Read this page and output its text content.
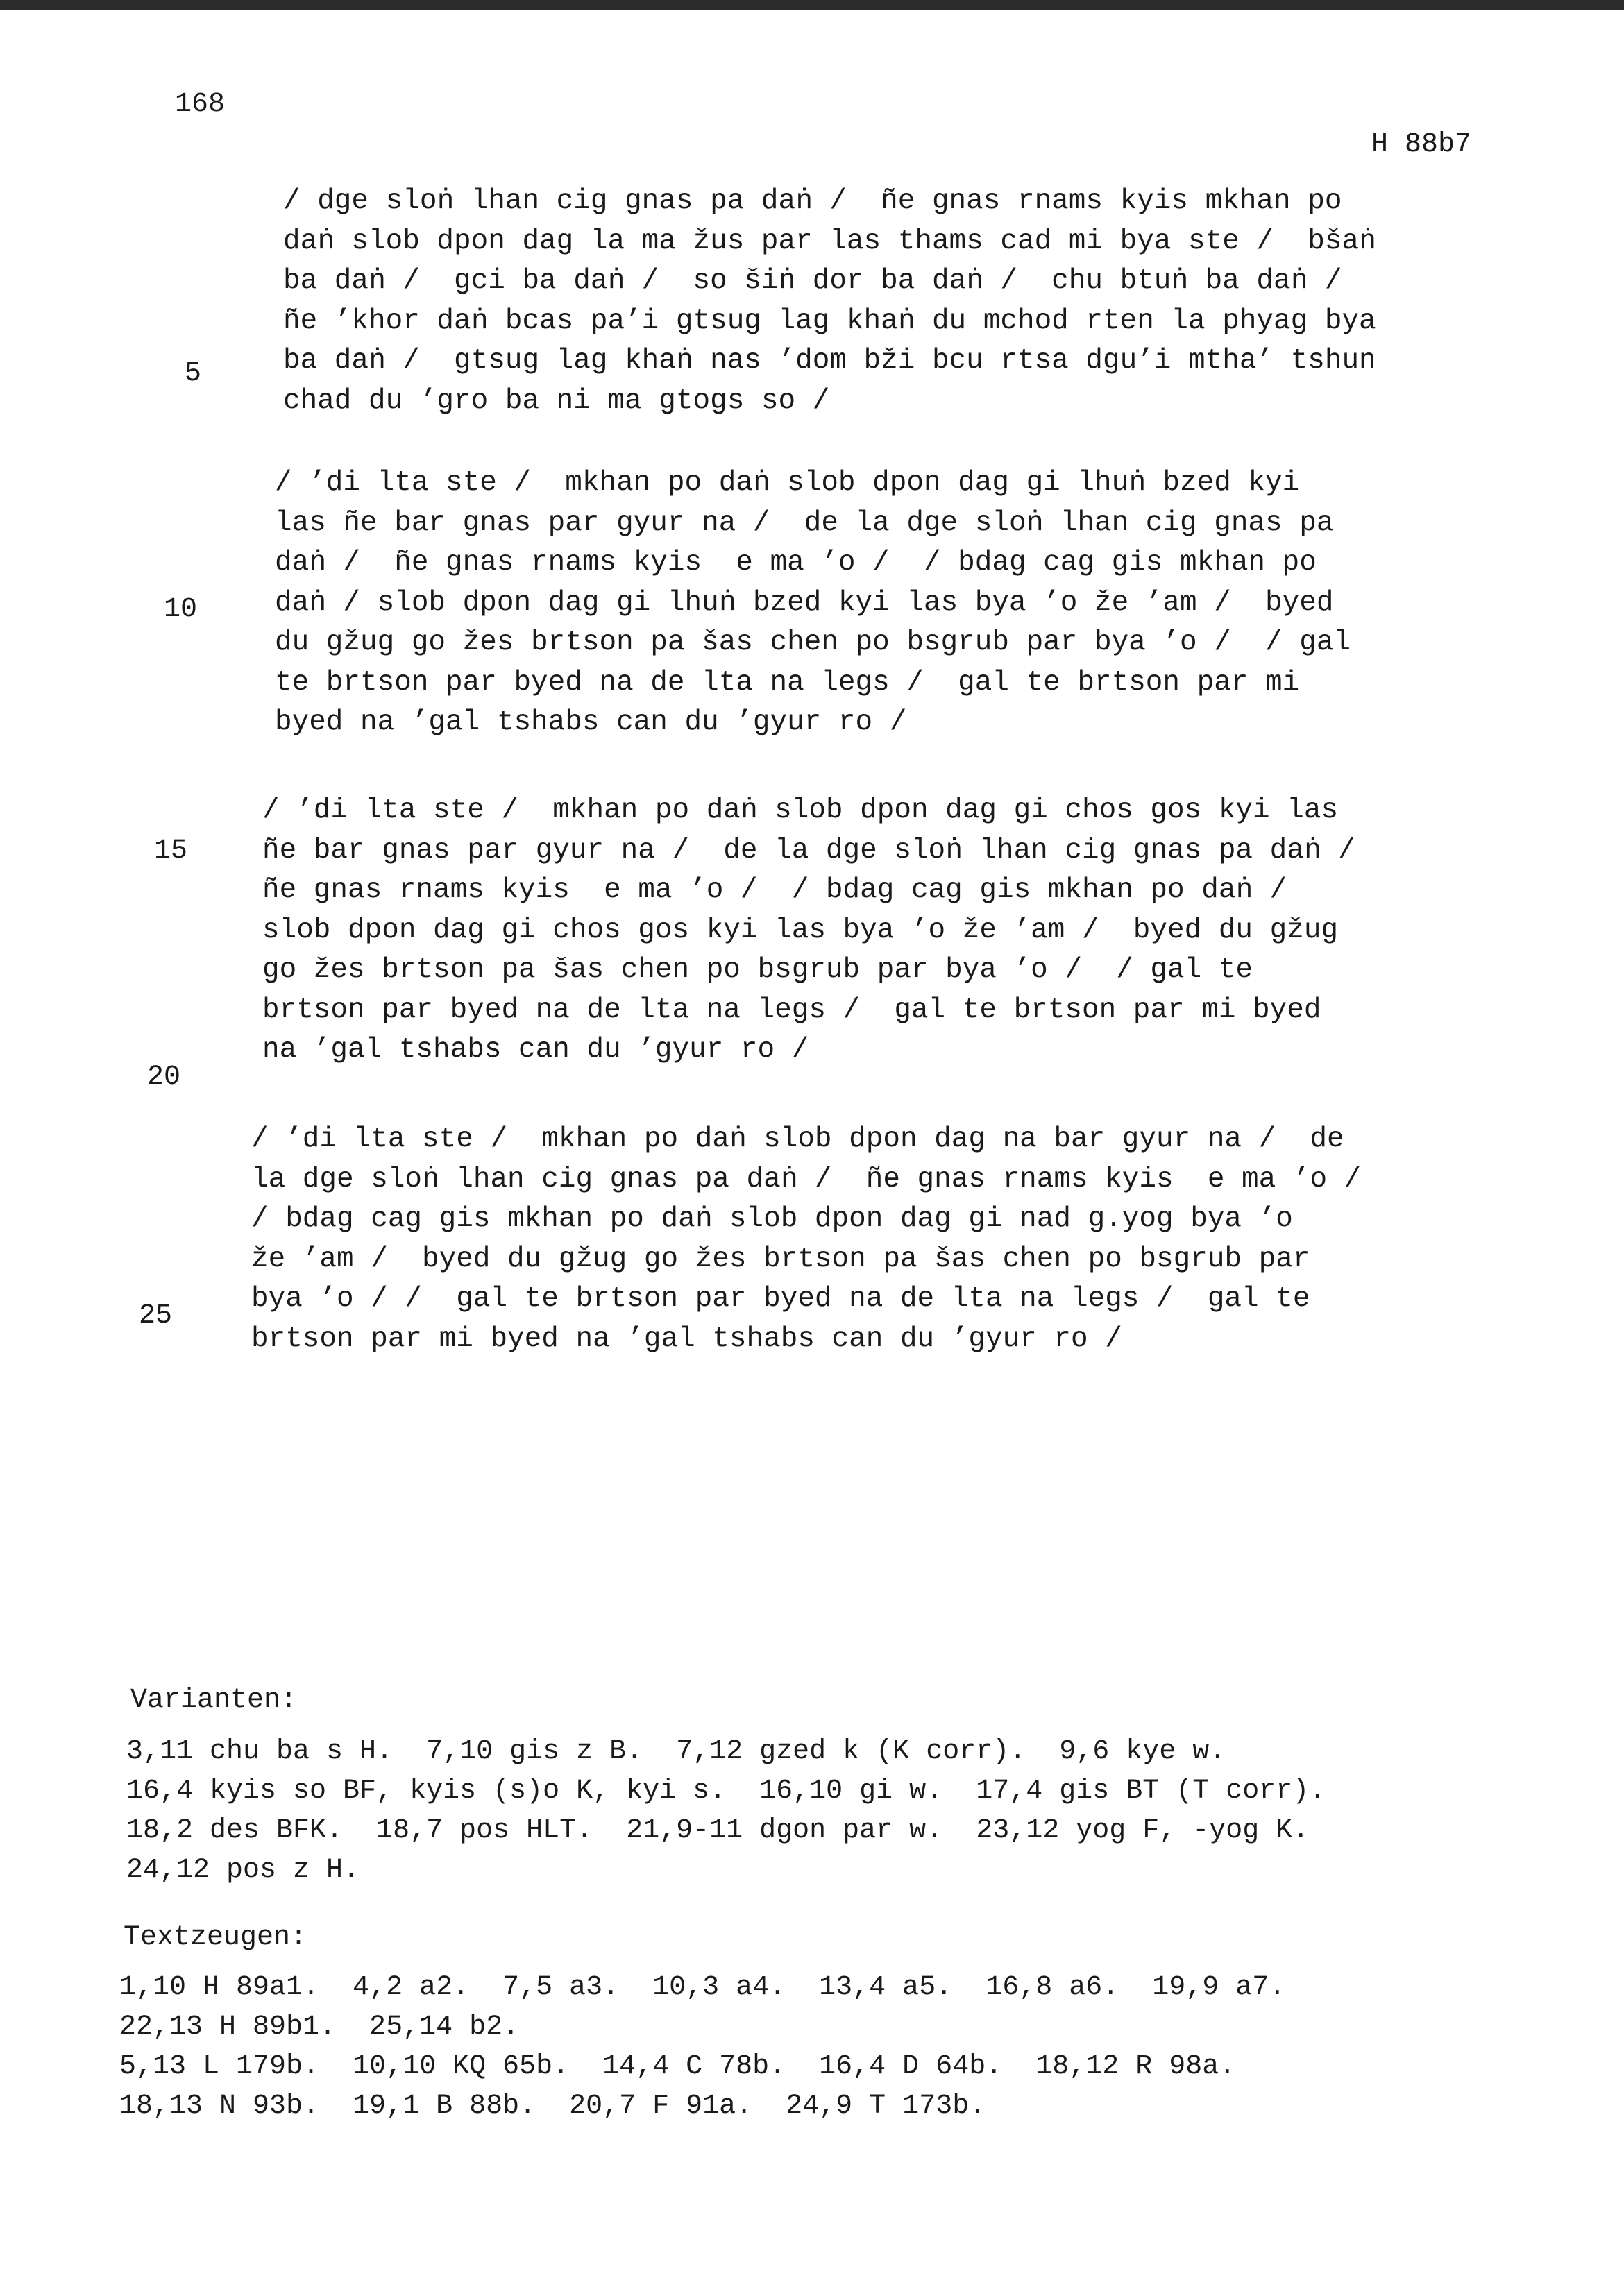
168
H 88b7
5
10
15
20
25
/ dge sloṅ lhan cig gnas pa daṅ /  ñe gnas rnams kyis mkhan po
daṅ slob dpon dag la ma žus par las thams cad mi bya ste /  bšaṅ
ba daṅ /  gci ba daṅ /  so šiṅ dor ba daṅ /  chu btuṅ ba daṅ /
ñe ’khor daṅ bcas pa’i gtsug lag khaṅ du mchod rten la phyag bya
ba daṅ /  gtsug lag khaṅ nas ’dom bži bcu rtsa dgu’i mtha’ tshun
chad du ’gro ba ni ma gtogs so /
/ ’di lta ste /  mkhan po daṅ slob dpon dag gi lhuṅ bzed kyi
las ñe bar gnas par gyur na /  de la dge sloṅ lhan cig gnas pa
daṅ /  ñe gnas rnams kyis  e ma ’o /  / bdag cag gis mkhan po
daṅ / slob dpon dag gi lhuṅ bzed kyi las bya ’o že ’am /  byed
du gžug go žes brtson pa šas chen po bsgrub par bya ’o /  / gal
te brtson par byed na de lta na legs /  gal te brtson par mi
byed na ’gal tshabs can du ’gyur ro /
/ ’di lta ste /  mkhan po daṅ slob dpon dag gi chos gos kyi las
ñe bar gnas par gyur na /  de la dge sloṅ lhan cig gnas pa daṅ /
ñe gnas rnams kyis  e ma ’o /  / bdag cag gis mkhan po daṅ /
slob dpon dag gi chos gos kyi las bya ’o že ’am /  byed du gžug
go žes brtson pa šas chen po bsgrub par bya ’o /  / gal te
brtson par byed na de lta na legs /  gal te brtson par mi byed
na ’gal tshabs can du ’gyur ro /
/ ’di lta ste /  mkhan po daṅ slob dpon dag na bar gyur na /  de
la dge sloṅ lhan cig gnas pa daṅ /  ñe gnas rnams kyis  e ma ’o /
/ bdag cag gis mkhan po daṅ slob dpon dag gi nad g.yog bya ’o
že ’am /  byed du gžug go žes brtson pa šas chen po bsgrub par
bya ’o / /  gal te brtson par byed na de lta na legs /  gal te
brtson par mi byed na ’gal tshabs can du ’gyur ro /
Varianten:
3,11 chu ba s H.  7,10 gis z B.  7,12 gzed k (K corr).  9,6 kye w.
16,4 kyis so BF, kyis (s)o K, kyi s.  16,10 gi w.  17,4 gis BT (T corr).
18,2 des BFK.  18,7 pos HLT.  21,9-11 dgon par w.  23,12 yog F, -yog K.
24,12 pos z H.
Textzeugen:
1,10 H 89a1.  4,2 a2.  7,5 a3.  10,3 a4.  13,4 a5.  16,8 a6.  19,9 a7.
22,13 H 89b1.  25,14 b2.
5,13 L 179b.  10,10 KQ 65b.  14,4 C 78b.  16,4 D 64b.  18,12 R 98a.
18,13 N 93b.  19,1 B 88b.  20,7 F 91a.  24,9 T 173b.
